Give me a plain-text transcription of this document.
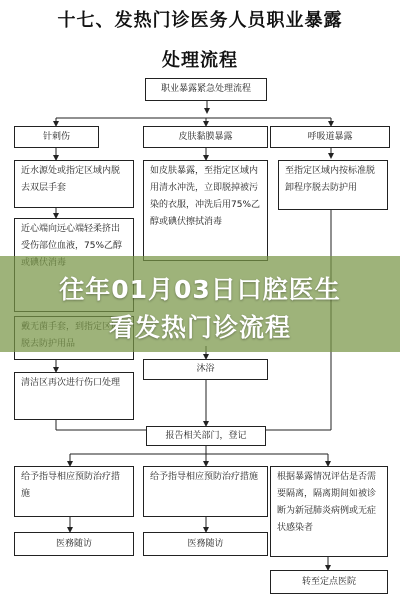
十七、发热门诊医务人员职业暴露
处理流程
职业暴露紧急处理流程
针刺伤	皮肤黏膜暴露	呼吸道暴露
近水源处或指定区域内脱去双层手套
近心端向远心端轻柔挤出受伤部位血液，75%乙醇
清洁区再次进行伤口处理
如皮肤暴露，至指定区域内用清水冲洗，立即脱掉被污染的衣服，冲洗后用75%乙醇或碘伏擦拭消毒
沐浴
至指定区域内按标准脱卸程序脱去防护用
报告相关部门，登记
给予指导相应预防治疗措施
给予指导相应预防治疗措施	根据暴露情况评估是否需要隔离，隔离期间如被诊断为新冠肺炎病例或无症状感染者
医務随访	医務随访
转至定点医院
往年01月03日口腔医生
看发热门诊流程
